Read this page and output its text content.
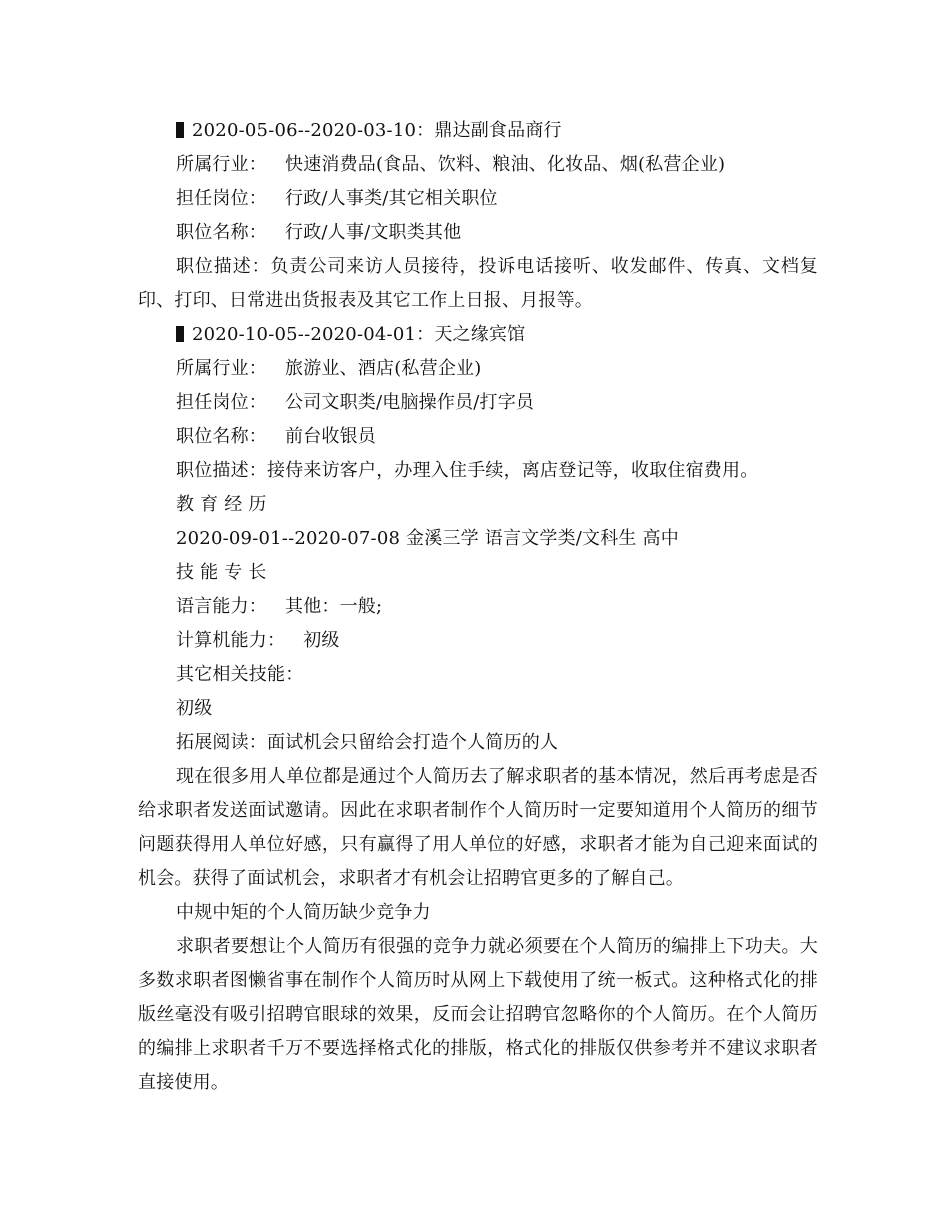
2020-05-06--2020-03-10：鼎达副食品商行
所属行业： 快速消费品(食品、饮料、粮油、化妆品、烟(私营企业)
担任岗位： 行政/人事类/其它相关职位
职位名称： 行政/人事/文职类其他
职位描述：负责公司来访人员接待，投诉电话接听、收发邮件、传真、文档复印、打印、日常进出货报表及其它工作上日报、月报等。
2020-10-05--2020-04-01：天之缘宾馆
所属行业： 旅游业、酒店(私营企业)
担任岗位： 公司文职类/电脑操作员/打字员
职位名称： 前台收银员
职位描述：接侍来访客户，办理入住手续，离店登记等，收取住宿费用。
教 育 经 历
2020-09-01--2020-07-08 金溪三学 语言文学类/文科生 高中
技 能 专 长
语言能力： 其他：一般;
计算机能力： 初级
其它相关技能：
初级
拓展阅读：面试机会只留给会打造个人简历的人
现在很多用人单位都是通过个人简历去了解求职者的基本情况，然后再考虑是否给求职者发送面试邀请。因此在求职者制作个人简历时一定要知道用个人简历的细节问题获得用人单位好感，只有赢得了用人单位的好感，求职者才能为自己迎来面试的机会。获得了面试机会，求职者才有机会让招聘官更多的了解自己。
中规中矩的个人简历缺少竞争力
求职者要想让个人简历有很强的竞争力就必须要在个人简历的编排上下功夫。大多数求职者图懒省事在制作个人简历时从网上下载使用了统一板式。这种格式化的排版丝毫没有吸引招聘官眼球的效果，反而会让招聘官忽略你的个人简历。在个人简历的编排上求职者千万不要选择格式化的排版，格式化的排版仅供参考并不建议求职者直接使用。
